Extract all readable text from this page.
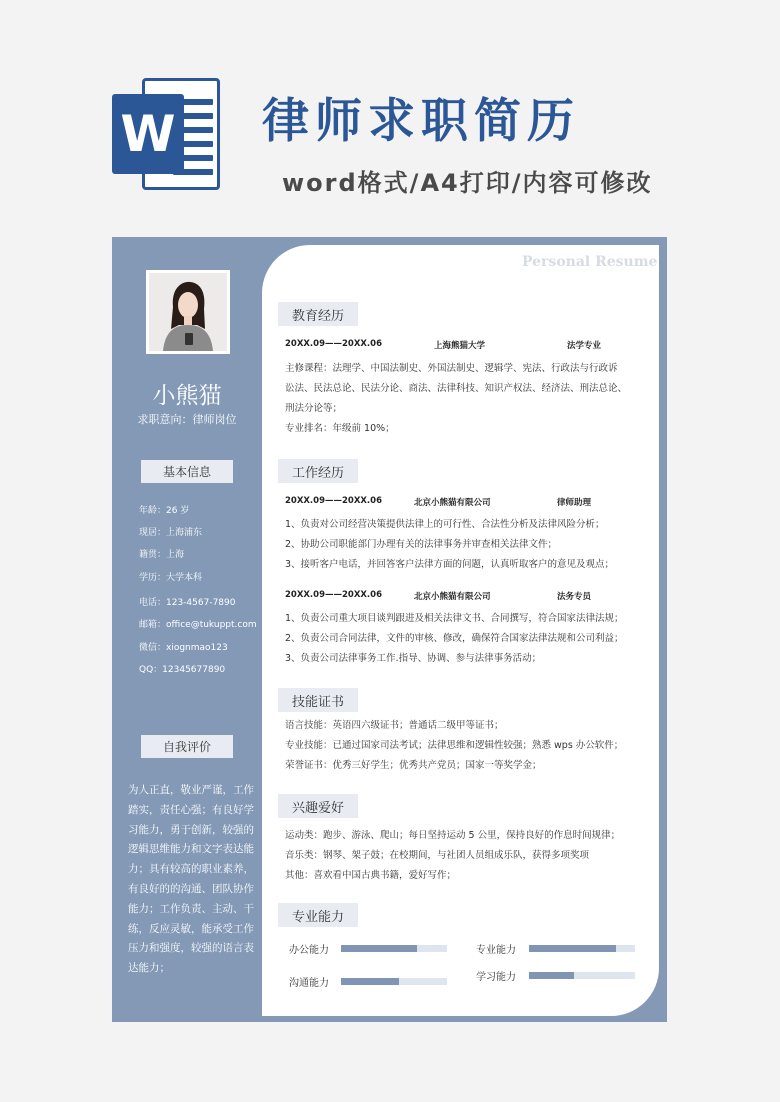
W 律师求职简历
word格式/A4打印/内容可修改
Personal Resume
小熊猫
求职意向：律师岗位
基本信息
年龄：26 岁
现居：上海浦东
籍贯：上海
学历：大学本科
电话：123-4567-7890
邮箱：office@tukuppt.com
微信：xiognmao123
QQ：12345677890
自我评价
为人正直，敬业严谨，工作踏实，责任心强；有良好学习能力，勇于创新，较强的逻辑思维能力和文字表达能力；具有较高的职业素养，有良好的的沟通、团队协作能力；工作负责、主动、干练，反应灵敏，能承受工作压力和强度，较强的语言表达能力；
教育经历
20XX.09——20XX.06	上海熊猫大学	法学专业
主修课程：法理学、中国法制史、外国法制史、逻辑学、宪法、行政法与行政诉
讼法、民法总论、民法分论、商法、法律科技、知识产权法、经济法、刑法总论、
刑法分论等；
专业排名：年级前 10%；
工作经历
20XX.09——20XX.06	北京小熊猫有限公司	律师助理
1、负责对公司经营决策提供法律上的可行性、合法性分析及法律风险分析；
2、协助公司职能部门办理有关的法律事务并审查相关法律文件；
3、接听客户电话，并回答客户法律方面的问题，认真听取客户的意见及观点；
20XX.09——20XX.06	北京小熊猫有限公司	法务专员
1、负责公司重大项目谈判跟进及相关法律文书、合同撰写，符合国家法律法规；
2、负责公司合同法律，文件的审核、修改，确保符合国家法律法规和公司利益；
3、负责公司法律事务工作.指导、协调、参与法律事务活动；
技能证书
语言技能：英语四六级证书；普通话二级甲等证书；
专业技能：已通过国家司法考试；法律思维和逻辑性较强；熟悉 wps 办公软件；
荣誉证书：优秀三好学生；优秀共产党员；国家一等奖学金；
兴趣爱好
运动类：跑步、游泳、爬山；每日坚持运动 5 公里，保持良好的作息时间规律；
音乐类：钢琴、架子鼓；在校期间，与社团人员组成乐队，获得多项奖项
其他：喜欢看中国古典书籍，爱好写作；
专业能力
办公能力	专业能力
沟通能力
学习能力
